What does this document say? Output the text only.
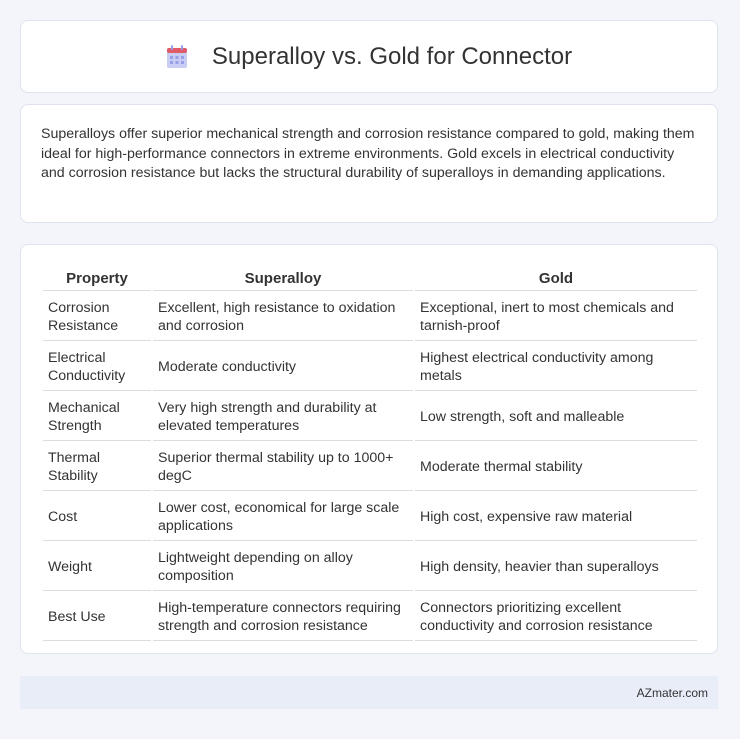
Superalloy vs. Gold for Connector

Superalloys offer superior mechanical strength and corrosion resistance compared to gold, making them ideal for high-performance connectors in extreme environments. Gold excels in electrical conductivity and corrosion resistance but lacks the structural durability of superalloys in demanding applications.

Property	Superalloy	Gold
Corrosion Resistance	Excellent, high resistance to oxidation and corrosion	Exceptional, inert to most chemicals and tarnish-proof
Electrical Conductivity	Moderate conductivity	Highest electrical conductivity among metals
Mechanical Strength	Very high strength and durability at elevated temperatures	Low strength, soft and malleable
Thermal Stability	Superior thermal stability up to 1000+ degC	Moderate thermal stability
Cost	Lower cost, economical for large scale applications	High cost, expensive raw material
Weight	Lightweight depending on alloy composition	High density, heavier than superalloys
Best Use	High-temperature connectors requiring strength and corrosion resistance	Connectors prioritizing excellent conductivity and corrosion resistance
AZmater.com
